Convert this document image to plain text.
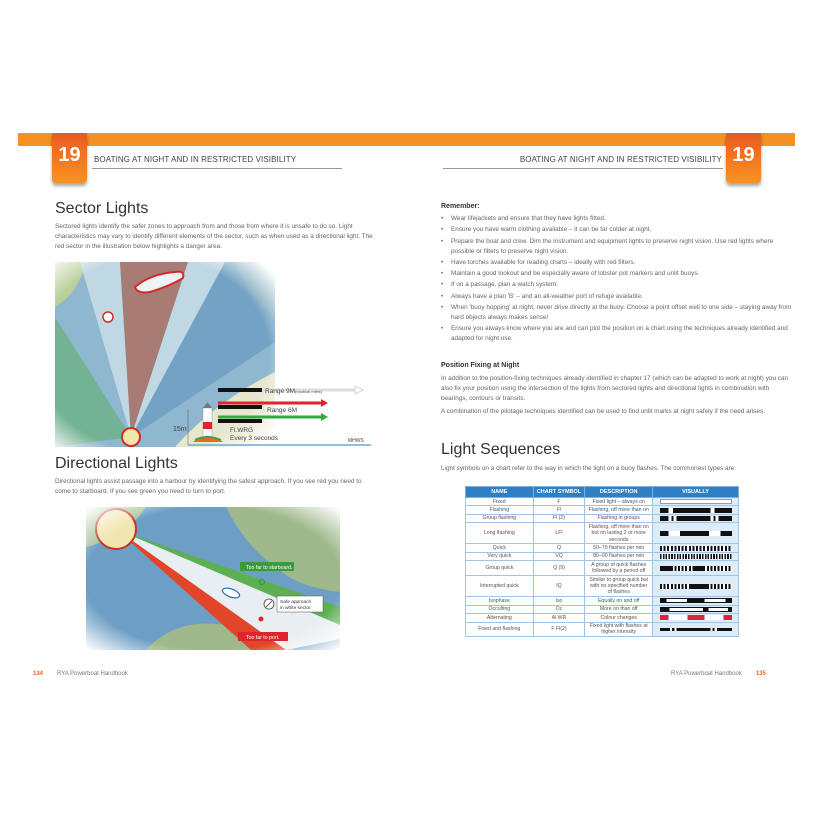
19	19
BOATING AT NIGHT AND IN RESTRICTED VISIBILITY	BOATING AT NIGHT AND IN RESTRICTED VISIBILITY
Sector Lights

Sectored lights identify the safer zones to approach from and those from where it is unsafe to do so. Light characteristics may vary to identify different elements of the sector, such as when used as a directional light. The red sector in the illustration below highlights a danger area.

Range 9M (nautical miles)
Range 6M
15m	Fl.WRG
Every 3 seconds	MHWS
Directional Lights

Directional lights assist passage into a harbour by identifying the safest approach. If you see red you need to come to starboard. If you see green you need to turn to port.

Too far to starboard.
Safe approach
in white sector
Too far to port.
134 RYA Powerboat Handbook
Remember:
• Wear lifejackets and ensure that they have lights fitted.
• Ensure you have warm clothing available – it can be far colder at night.
• Prepare the boat and crew. Dim the instrument and equipment lights to preserve night vision. Use red lights where possible or filters to preserve night vision.
• Have torches available for reading charts – ideally with red filters.
• Maintain a good lookout and be especially aware of lobster pot markers and unlit buoys.
• If on a passage, plan a watch system.
• Always have a plan 'B' – and an all-weather port of refuge available.
• When 'buoy hopping' at night, never drive directly at the buoy. Choose a point offset well to one side – staying away from hard objects always makes sense!
• Ensure you always know where you are and can plot the position on a chart using the techniques already identified and adapted for night use.
Position Fixing at Night

In addition to the position-fixing techniques already identified in chapter 17 (which can be adapted to work at night) you can also fix your position using the intersection of the lights from sectored lights and directional lights in combination with bearings, contours or transits.

A combination of the pilotage techniques identified can be used to find unlit marks at night safely if the need arises.

Light Sequences

Light symbols on a chart refer to the way in which the light on a buoy flashes. The commonest types are:

NAME	CHART SYMBOL	DESCRIPTION	VISUALLY
Fixed	F	Fixed light – always on	

Flashing	Fl	Flashing, off more than on	

Group flashing	Fl (2)	Flashing in groups	

Long flashing	LFl	Flashing, off more than on but on lasting 2 or more seconds	

Quick	Q	50–79 flashes per min	

Very quick	VQ	80–90 flashes per min	

Group quick	Q (9)	A group of quick flashes followed by a period off	

Interrupted quick	IQ	Similar to group quick but with no specified number of flashes	

Isophase	Iso	Equally on and off	

Occulting	Oc	More on than off	

Alternating	Al.WR	Colour changes	

Fixed and flashing	F Fl(2)	Fixed light with flashes at higher intensity	
RYA Powerboat Handbook 135
